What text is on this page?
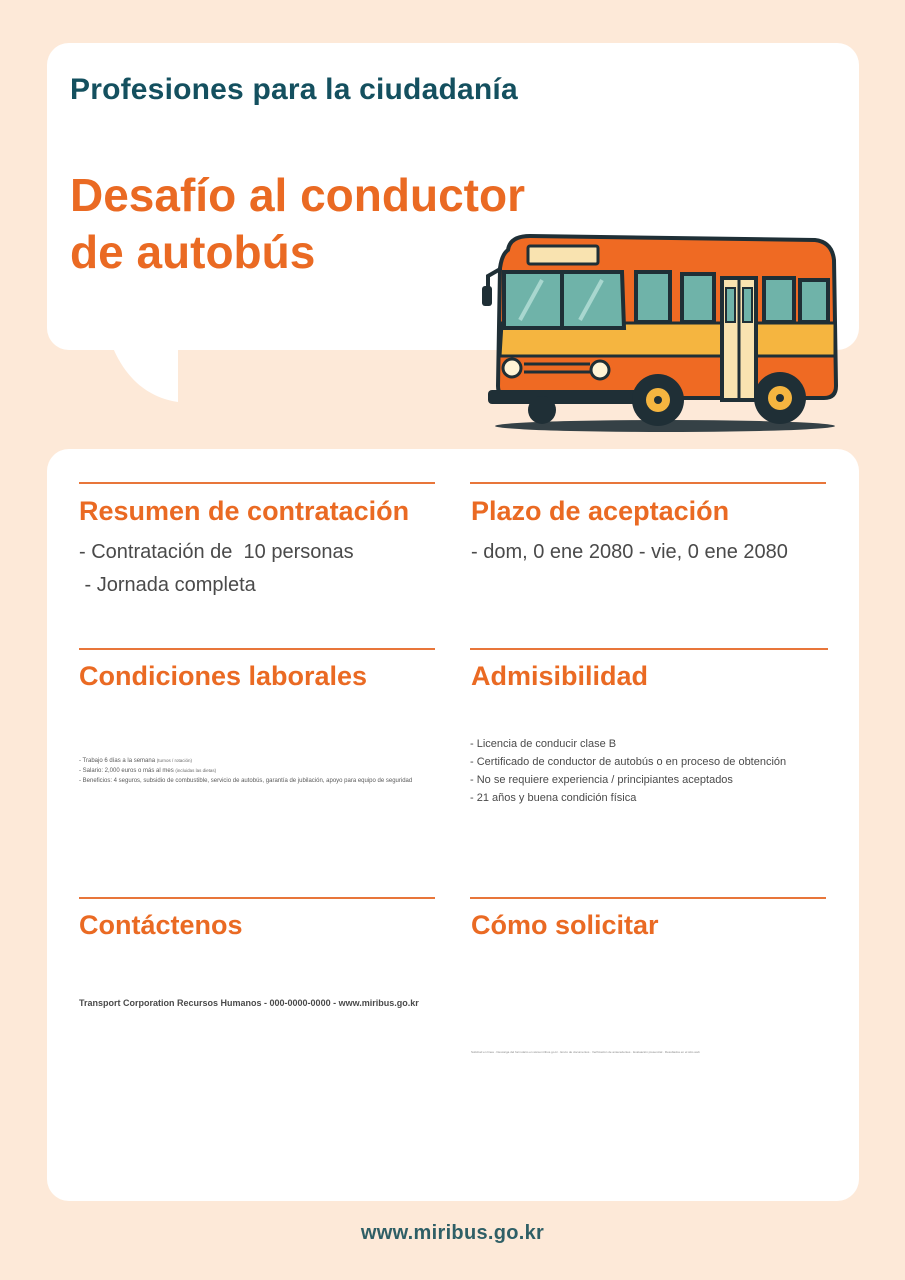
Profesiones para la ciudadanía
Desafío al conductor
de autobús
Resumen de contratación

- Contratación de  10 personas

- Jornada completa

Plazo de aceptación

- dom, 0 ene 2080 - vie, 0 ene 2080

Condiciones laborales
- Trabajo 6 días a la semana (turnos / rotación)
- Salario: 2,000 euros o más al mes (incluidas las dietas)
- Beneficios: 4 seguros, subsidio de combustible, servicio de autobús, garantía de jubilación, apoyo para equipo de seguridad
Admisibilidad
- Licencia de conducir clase B
- Certificado de conductor de autobús o en proceso de obtención
- No se requiere experiencia / principiantes aceptados
- 21 años y buena condición física
Contáctenos

Transport Corporation Recursos Humanos - 000-0000-0000 - www.miribus.go.kr

Cómo solicitar

Solicitud en línea · Descarga del formulario en www.miribus.go.kr · Envío de documentos · Verificación de antecedentes · Evaluación presencial · Resultados en el sitio web

www.miribus.go.kr
